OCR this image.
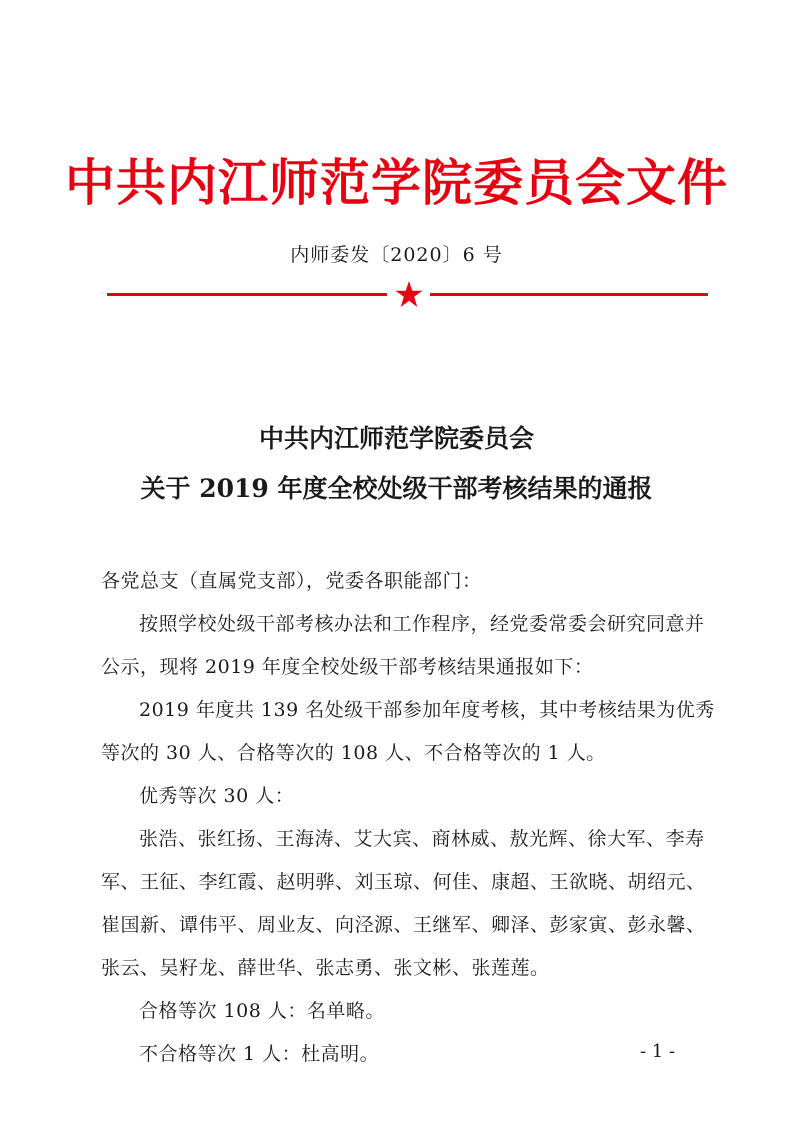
中共内江师范学院委员会文件
内师委发〔2020〕6 号
中共内江师范学院委员会
关于 2019 年度全校处级干部考核结果的通报
各党总支（直属党支部），党委各职能部门：
按照学校处级干部考核办法和工作程序，经党委常委会研究同意并公示，现将 2019 年度全校处级干部考核结果通报如下：
2019 年度共 139 名处级干部参加年度考核，其中考核结果为优秀等次的 30 人、合格等次的 108 人、不合格等次的 1 人。
优秀等次 30 人：
张浩、张红扬、王海涛、艾大宾、商林威、敖光辉、徐大军、李寿军、王征、李红霞、赵明骅、刘玉琼、何佳、康超、王欲晓、胡绍元、崔国新、谭伟平、周业友、向泾源、王继军、卿泽、彭家寅、彭永馨、张云、吴籽龙、薛世华、张志勇、张文彬、张莲莲。
合格等次 108 人：名单略。
不合格等次 1 人：杜高明。	- 1 -
